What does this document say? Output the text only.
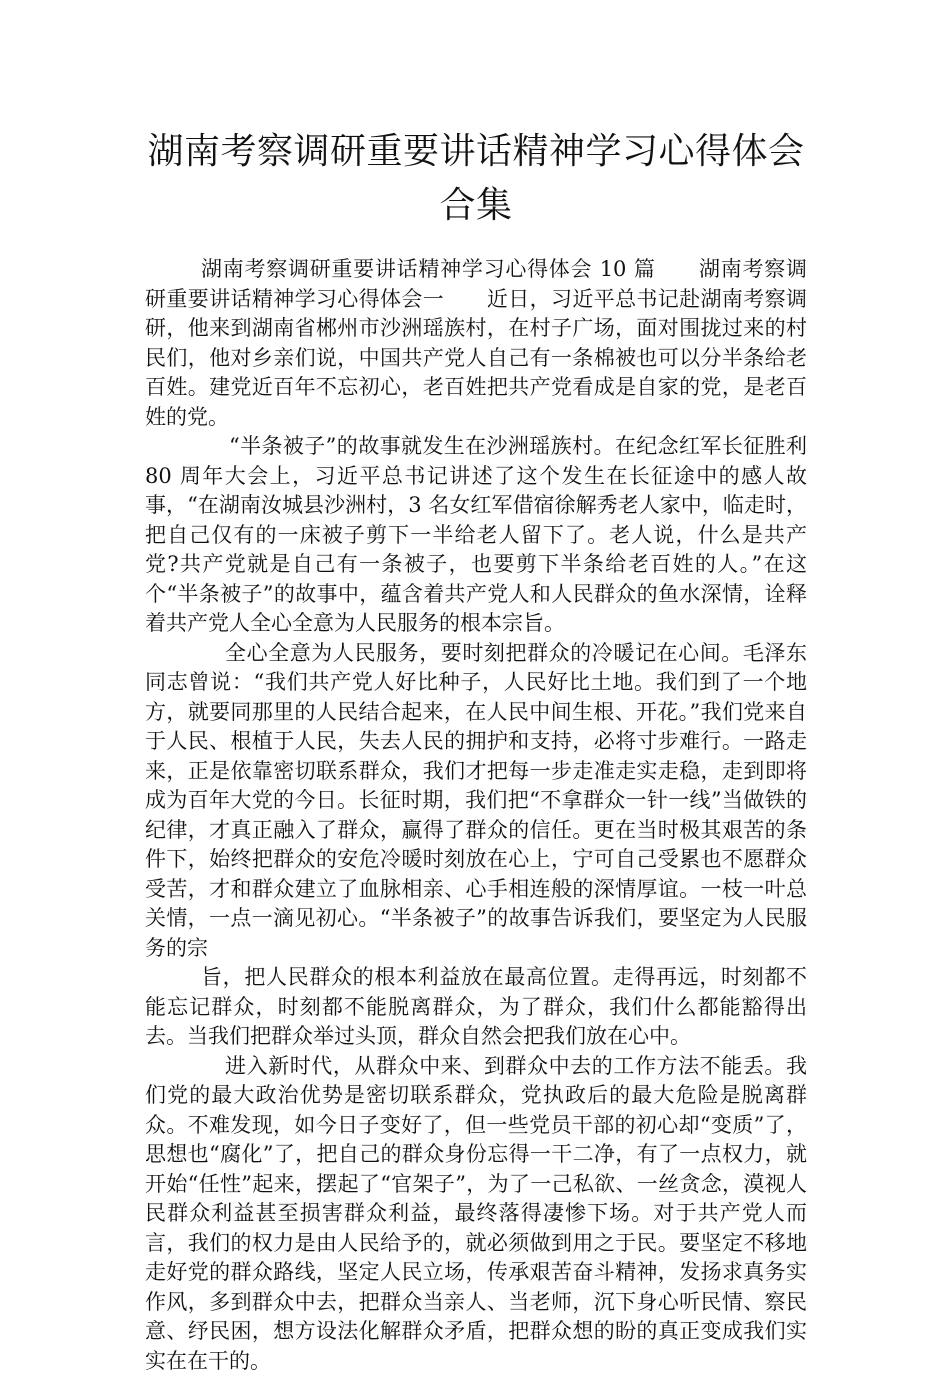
湖南考察调研重要讲话精神学习心得体会合集

湖南考察调研重要讲话精神学习心得体会 10 篇　　湖南考察调研重要讲话精神学习心得体会一　　近日，习近平总书记赴湖南考察调研，他来到湖南省郴州市沙洲瑶族村，在村子广场，面对围拢过来的村民们，他对乡亲们说，中国共产党人自己有一条棉被也可以分半条给老百姓。建党近百年不忘初心，老百姓把共产党看成是自家的党，是老百姓的党。

“半条被子”的故事就发生在沙洲瑶族村。在纪念红军长征胜利 80 周年大会上，习近平总书记讲述了这个发生在长征途中的感人故事，“在湖南汝城县沙洲村，3 名女红军借宿徐解秀老人家中，临走时，把自己仅有的一床被子剪下一半给老人留下了。老人说，什么是共产党?共产党就是自己有一条被子，也要剪下半条给老百姓的人。”在这个“半条被子”的故事中，蕴含着共产党人和人民群众的鱼水深情，诠释着共产党人全心全意为人民服务的根本宗旨。

全心全意为人民服务，要时刻把群众的冷暖记在心间。毛泽东同志曾说：“我们共产党人好比种子，人民好比土地。我们到了一个地方，就要同那里的人民结合起来，在人民中间生根、开花。”我们党来自于人民、根植于人民，失去人民的拥护和支持，必将寸步难行。一路走来，正是依靠密切联系群众，我们才把每一步走准走实走稳，走到即将成为百年大党的今日。长征时期，我们把“不拿群众一针一线”当做铁的纪律，才真正融入了群众，赢得了群众的信任。更在当时极其艰苦的条件下，始终把群众的安危冷暖时刻放在心上，宁可自己受累也不愿群众受苦，才和群众建立了血脉相亲、心手相连般的深情厚谊。一枝一叶总关情，一点一滴见初心。“半条被子”的故事告诉我们，要坚定为人民服务的宗

旨，把人民群众的根本利益放在最高位置。走得再远，时刻都不能忘记群众，时刻都不能脱离群众，为了群众，我们什么都能豁得出去。当我们把群众举过头顶，群众自然会把我们放在心中。

进入新时代，从群众中来、到群众中去的工作方法不能丢。我们党的最大政治优势是密切联系群众，党执政后的最大危险是脱离群众。不难发现，如今日子变好了，但一些党员干部的初心却“变质”了，思想也“腐化”了，把自己的群众身份忘得一干二净，有了一点权力，就开始“任性”起来，摆起了“官架子”，为了一己私欲、一丝贪念，漠视人民群众利益甚至损害群众利益，最终落得凄惨下场。对于共产党人而言，我们的权力是由人民给予的，就必须做到用之于民。要坚定不移地走好党的群众路线，坚定人民立场，传承艰苦奋斗精神，发扬求真务实作风，多到群众中去，把群众当亲人、当老师，沉下身心听民情、察民意、纾民困，想方设法化解群众矛盾，把群众想的盼的真正变成我们实实在在干的。
